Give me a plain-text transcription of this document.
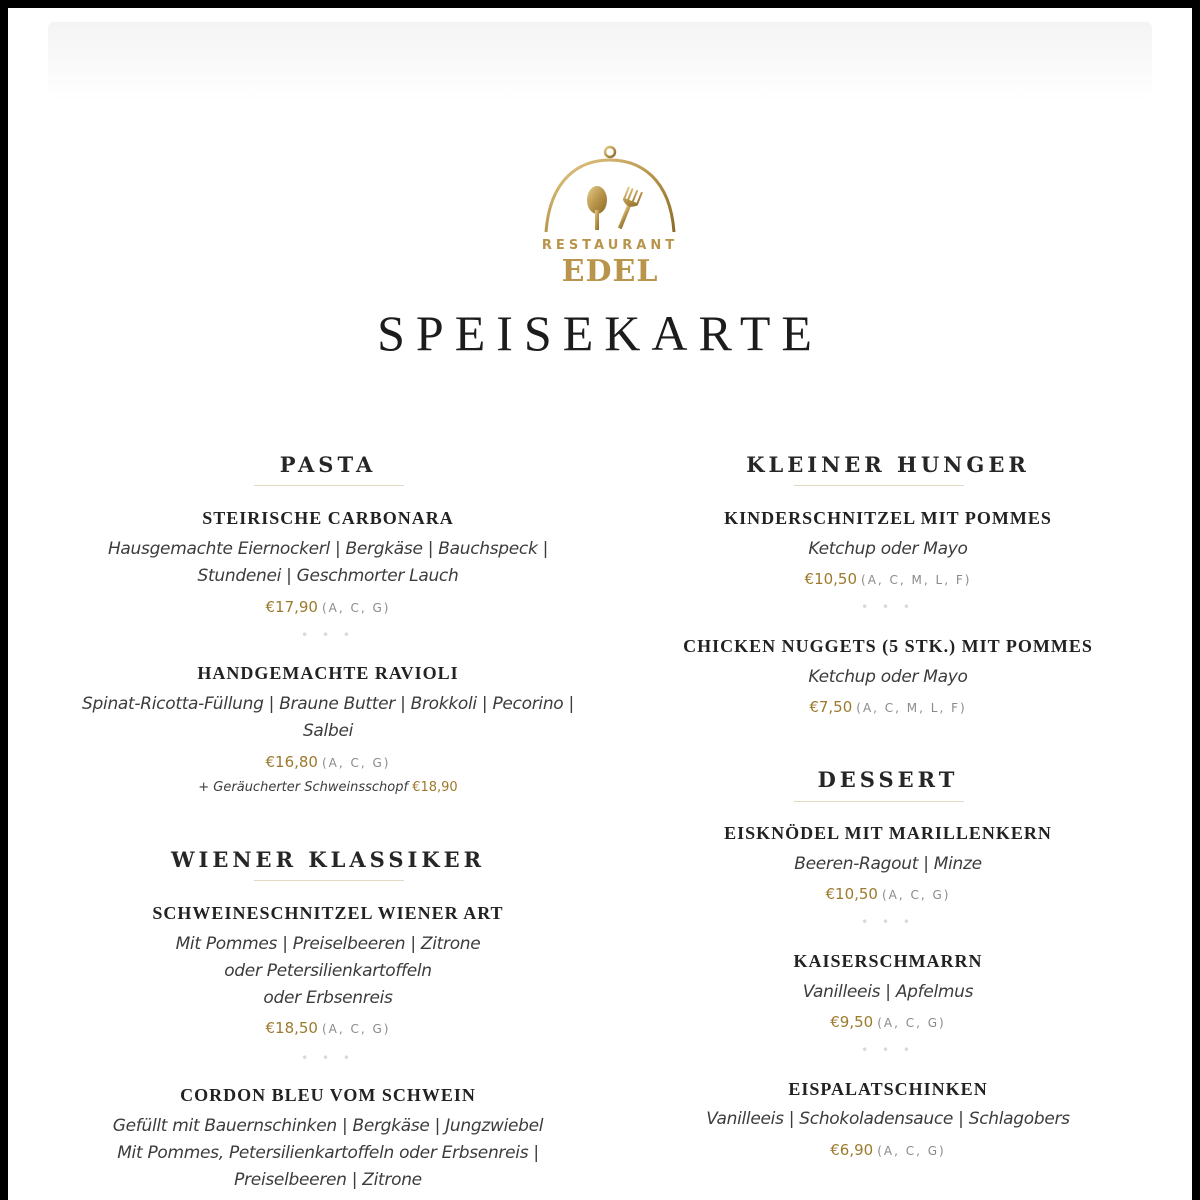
RESTAURANT
EDEL
SPEISEKARTE
PASTA
STEIRISCHE CARBONARA
Hausgemachte Eiernockerl | Bergkäse | Bauchspeck |
Stundenei | Geschmorter Lauch
€17,90 (A, C, G)
• • •
HANDGEMACHTE RAVIOLI
Spinat-Ricotta-Füllung | Braune Butter | Brokkoli | Pecorino |
Salbei
€16,80 (A, C, G)
+ Geräucherter Schweinsschopf €18,90
WIENER KLASSIKER
SCHWEINESCHNITZEL WIENER ART
Mit Pommes | Preiselbeeren | Zitrone
oder Petersilienkartoffeln
oder Erbsenreis
€18,50 (A, C, G)
• • •
CORDON BLEU VOM SCHWEIN
Gefüllt mit Bauernschinken | Bergkäse | Jungzwiebel
Mit Pommes, Petersilienkartoffeln oder Erbsenreis |
Preiselbeeren | Zitrone
KLEINER HUNGER
KINDERSCHNITZEL MIT POMMES
Ketchup oder Mayo
€10,50 (A, C, M, L, F)
• • •
CHICKEN NUGGETS (5 STK.) MIT POMMES
Ketchup oder Mayo
€7,50 (A, C, M, L, F)
DESSERT
EISKNÖDEL MIT MARILLENKERN
Beeren-Ragout | Minze
€10,50 (A, C, G)
• • •
KAISERSCHMARRN
Vanilleeis | Apfelmus
€9,50 (A, C, G)
• • •
EISPALATSCHINKEN
Vanilleeis | Schokoladensauce | Schlagobers
€6,90 (A, C, G)
